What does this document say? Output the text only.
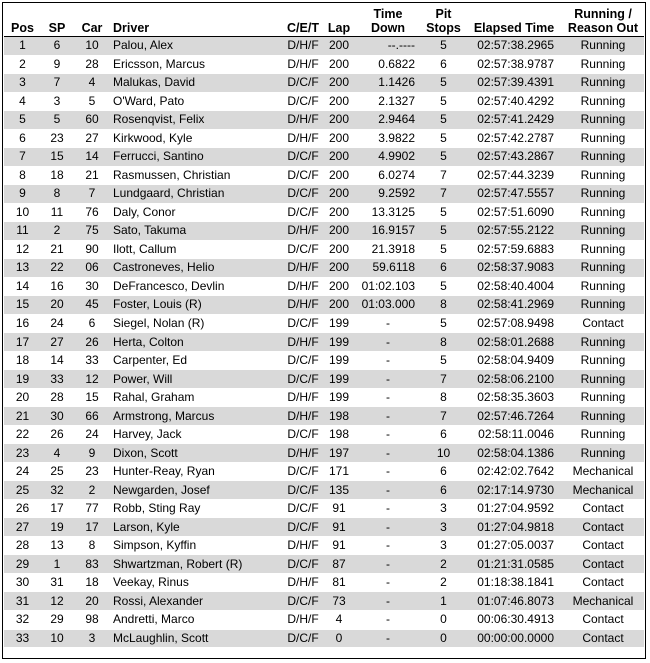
Pos	SP	Car	Driver	C/E/T	Lap	Time Down	Pit Stops	Elapsed Time	Running / Reason Out
1	6	10	Palou, Alex	D/H/F	200	--.----	5	02:57:38.2965	Running
2	9	28	Ericsson, Marcus	D/H/F	200	0.6822	6	02:57:38.9787	Running
3	7	4	Malukas, David	D/C/F	200	1.1426	5	02:57:39.4391	Running
4	3	5	O'Ward, Pato	D/C/F	200	2.1327	5	02:57:40.4292	Running
5	5	60	Rosenqvist, Felix	D/H/F	200	2.9464	5	02:57:41.2429	Running
6	23	27	Kirkwood, Kyle	D/H/F	200	3.9822	5	02:57:42.2787	Running
7	15	14	Ferrucci, Santino	D/C/F	200	4.9902	5	02:57:43.2867	Running
8	18	21	Rasmussen, Christian	D/C/F	200	6.0274	7	02:57:44.3239	Running
9	8	7	Lundgaard, Christian	D/C/F	200	9.2592	7	02:57:47.5557	Running
10	11	76	Daly, Conor	D/C/F	200	13.3125	5	02:57:51.6090	Running
11	2	75	Sato, Takuma	D/H/F	200	16.9157	5	02:57:55.2122	Running
12	21	90	Ilott, Callum	D/C/F	200	21.3918	5	02:57:59.6883	Running
13	22	06	Castroneves, Helio	D/H/F	200	59.6118	6	02:58:37.9083	Running
14	16	30	DeFrancesco, Devlin	D/H/F	200	01:02.103	5	02:58:40.4004	Running
15	20	45	Foster, Louis (R)	D/H/F	200	01:03.000	8	02:58:41.2969	Running
16	24	6	Siegel, Nolan (R)	D/C/F	199	-	5	02:57:08.9498	Contact
17	27	26	Herta, Colton	D/H/F	199	-	8	02:58:01.2688	Running
18	14	33	Carpenter, Ed	D/C/F	199	-	5	02:58:04.9409	Running
19	33	12	Power, Will	D/C/F	199	-	7	02:58:06.2100	Running
20	28	15	Rahal, Graham	D/H/F	199	-	8	02:58:35.3603	Running
21	30	66	Armstrong, Marcus	D/H/F	198	-	7	02:57:46.7264	Running
22	26	24	Harvey, Jack	D/C/F	198	-	6	02:58:11.0046	Running
23	4	9	Dixon, Scott	D/H/F	197	-	10	02:58:04.1386	Running
24	25	23	Hunter-Reay, Ryan	D/C/F	171	-	6	02:42:02.7642	Mechanical
25	32	2	Newgarden, Josef	D/C/F	135	-	6	02:17:14.9730	Mechanical
26	17	77	Robb, Sting Ray	D/C/F	91	-	3	01:27:04.9592	Contact
27	19	17	Larson, Kyle	D/C/F	91	-	3	01:27:04.9818	Contact
28	13	8	Simpson, Kyffin	D/H/F	91	-	3	01:27:05.0037	Contact
29	1	83	Shwartzman, Robert (R)	D/C/F	87	-	2	01:21:31.0585	Contact
30	31	18	Veekay, Rinus	D/H/F	81	-	2	01:18:38.1841	Contact
31	12	20	Rossi, Alexander	D/C/F	73	-	1	01:07:46.8073	Mechanical
32	29	98	Andretti, Marco	D/H/F	4	-	0	00:06:30.4913	Contact
33	10	3	McLaughlin, Scott	D/C/F	0	-	0	00:00:00.0000	Contact
